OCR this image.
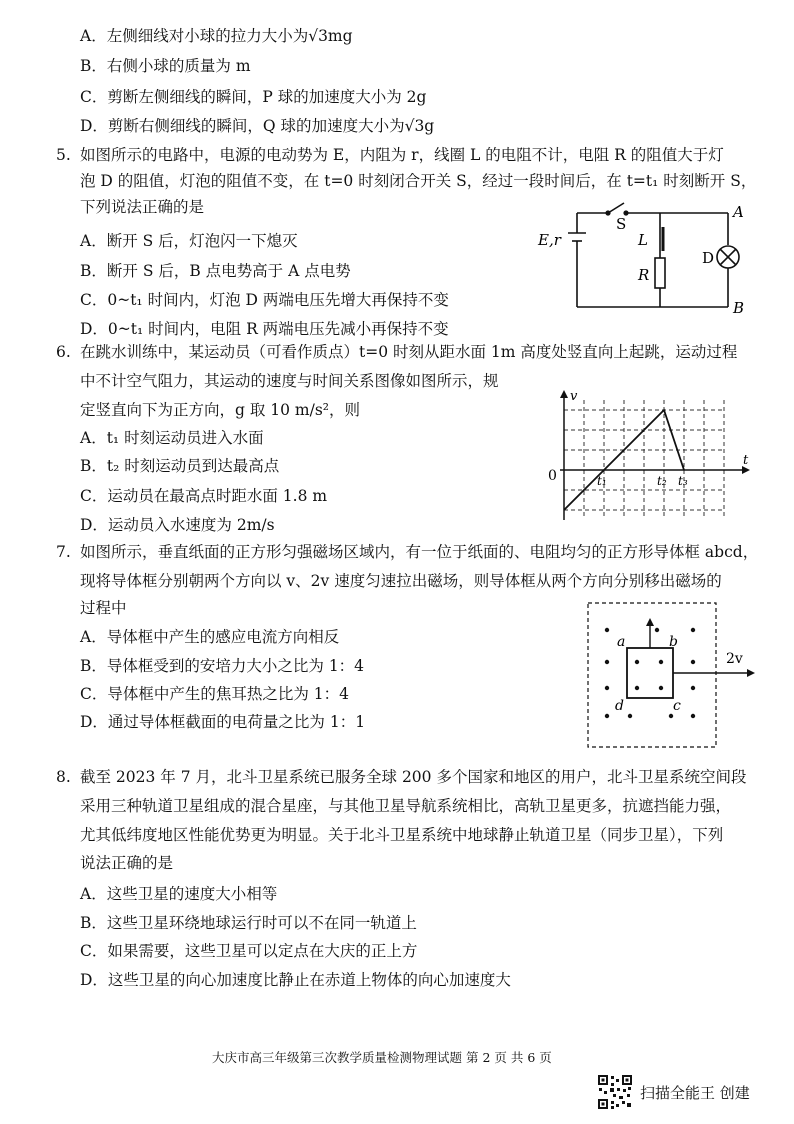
A．左侧细线对小球的拉力大小为√3mg
B．右侧小球的质量为 m
C．剪断左侧细线的瞬间，P 球的加速度大小为 2g
D．剪断右侧细线的瞬间，Q 球的加速度大小为√3g
5. 如图所示的电路中，电源的电动势为 E，内阻为 r，线圈 L 的电阻不计，电阻 R 的阻值大于灯
泡 D 的阻值，灯泡的阻值不变，在 t=0 时刻闭合开关 S，经过一段时间后，在 t=t₁ 时刻断开 S，
下列说法正确的是
A．断开 S 后，灯泡闪一下熄灭
B．断开 S 后，B 点电势高于 A 点电势
C．0~t₁ 时间内，灯泡 D 两端电压先增大再保持不变
D．0~t₁ 时间内，电阻 R 两端电压先减小再保持不变
S
A
B
E,r	L
R
D
6. 在跳水训练中，某运动员（可看作质点）t=0 时刻从距水面 1m 高度处竖直向上起跳，运动过程
中不计空气阻力，其运动的速度与时间关系图像如图所示，规
定竖直向下为正方向，g 取 10 m/s²，则
A．t₁ 时刻运动员进入水面
B．t₂ 时刻运动员到达最高点
C．运动员在最高点时距水面 1.8 m
D．运动员入水速度为 2m/s
v
t
0	t₁	t₂ t₃
7. 如图所示，垂直纸面的正方形匀强磁场区域内，有一位于纸面的、电阻均匀的正方形导体框 abcd，
现将导体框分别朝两个方向以 v、2v 速度匀速拉出磁场，则导体框从两个方向分别移出磁场的
过程中
A．导体框中产生的感应电流方向相反
B．导体框受到的安培力大小之比为 1：4
C．导体框中产生的焦耳热之比为 1：4
D．通过导体框截面的电荷量之比为 1：1
a	b
c
d
2v
8. 截至 2023 年 7 月，北斗卫星系统已服务全球 200 多个国家和地区的用户，北斗卫星系统空间段
采用三种轨道卫星组成的混合星座，与其他卫星导航系统相比，高轨卫星更多，抗遮挡能力强，
尤其低纬度地区性能优势更为明显。关于北斗卫星系统中地球静止轨道卫星（同步卫星），下列
说法正确的是
A．这些卫星的速度大小相等
B．这些卫星环绕地球运行时可以不在同一轨道上
C．如果需要，这些卫星可以定点在大庆的正上方
D．这些卫星的向心加速度比静止在赤道上物体的向心加速度大
大庆市高三年级第三次教学质量检测物理试题 第 2 页 共 6 页
扫描全能王 创建
